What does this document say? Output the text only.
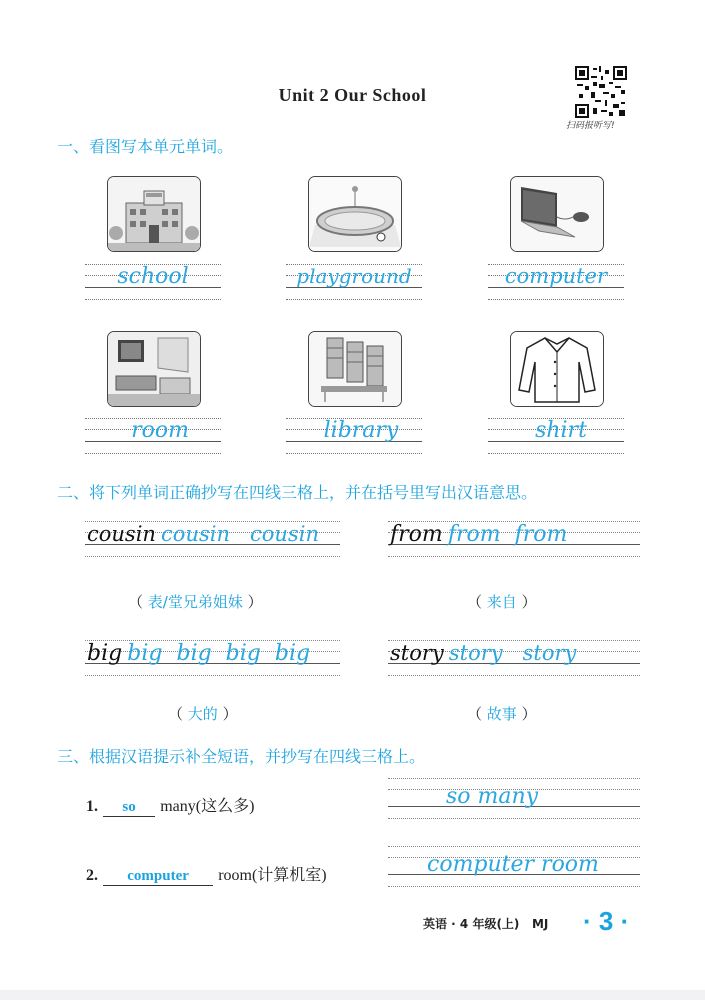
Unit 2 Our School
扫码报听写!
一、看图写本单元单词。
school	playground	computer
room	library	shirt
二、将下列单词正确抄写在四线三格上，并在括号里写出汉语意思。
cousin cousin   cousin
（ 表/堂兄弟姐妹 ）
from from  from
（ 来自 ）
big big  big  big  big
（ 大的 ）
story story   story
（ 故事 ）
三、根据汉语提示补全短语，并抄写在四线三格上。
1. so many(这么多)	so many
2. computer room(计算机室)	computer room
英语 · 4 年级(上)   MJ · 3 ·
